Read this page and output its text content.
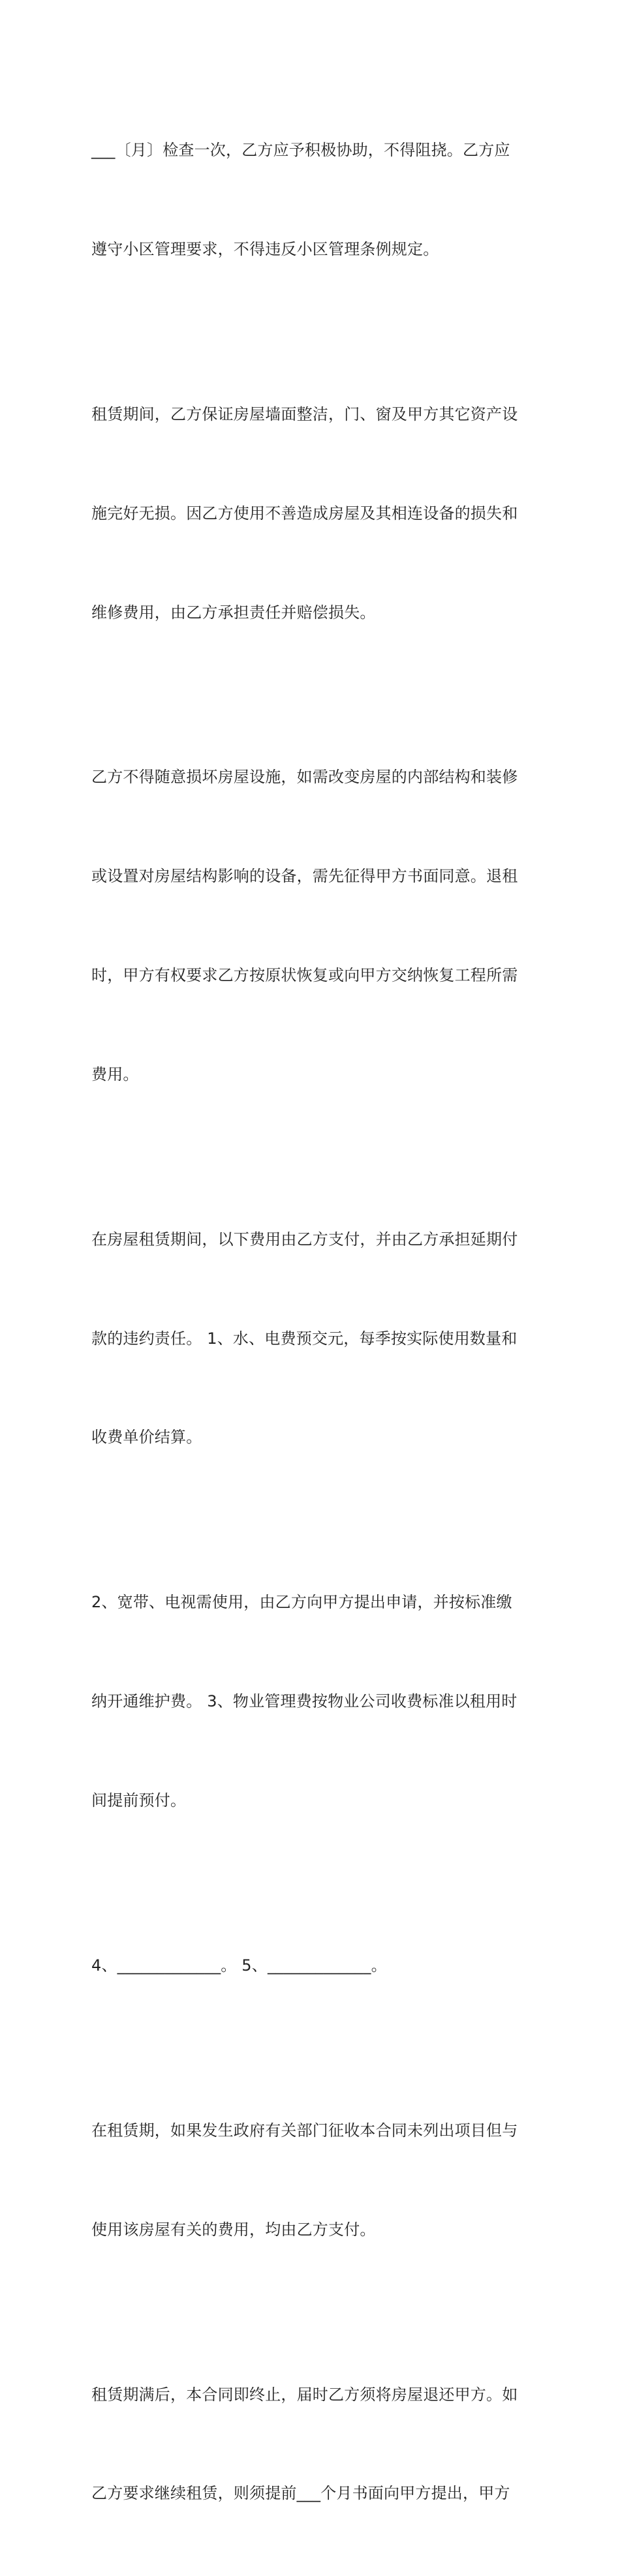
___〔月〕检查一次，乙方应予积极协助，不得阻挠。乙方应

遵守小区管理要求，不得违反小区管理条例规定。

租赁期间，乙方保证房屋墙面整洁，门、窗及甲方其它资产设

施完好无损。因乙方使用不善造成房屋及其相连设备的损失和

维修费用，由乙方承担责任并赔偿损失。

乙方不得随意损坏房屋设施，如需改变房屋的内部结构和装修

或设置对房屋结构影响的设备，需先征得甲方书面同意。退租

时，甲方有权要求乙方按原状恢复或向甲方交纳恢复工程所需

费用。

在房屋租赁期间，以下费用由乙方支付，并由乙方承担延期付

款的违约责任。 1、水、电费预交元，每季按实际使用数量和

收费单价结算。

2、宽带、电视需使用，由乙方向甲方提出申请，并按标准缴

纳开通维护费。 3、物业管理费按物业公司收费标准以租用时

间提前预付。

4、_____________。 5、_____________。

在租赁期，如果发生政府有关部门征收本合同未列出项目但与

使用该房屋有关的费用，均由乙方支付。

租赁期满后，本合同即终止，届时乙方须将房屋退还甲方。如

乙方要求继续租赁，则须提前___个月书面向甲方提出，甲方
